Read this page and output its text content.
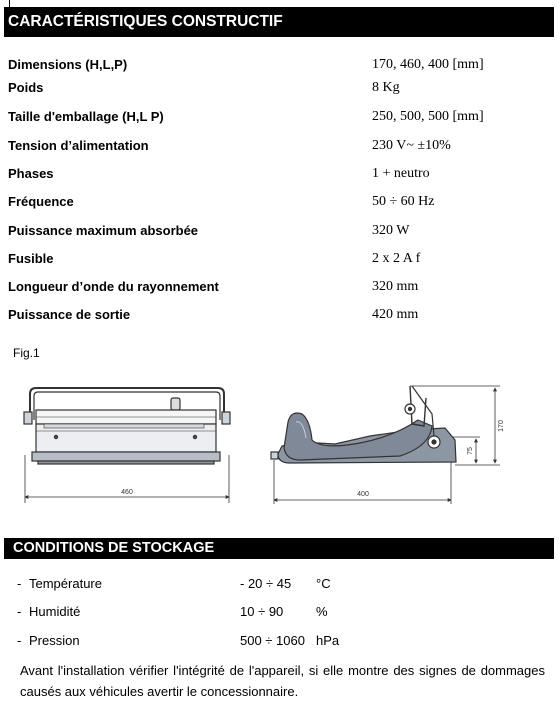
CARACTÉRISTIQUES CONSTRUCTIF
Dimensions (H,L,P)	170, 460, 400 [mm]
Poids	8 Kg
Taille d'emballage (H,L P)	250, 500, 500 [mm]
Tension d’alimentation	230 V~ ±10%
Phases	1 + neutro
Fréquence	50 ÷ 60 Hz
Puissance maximum absorbée	320 W
Fusible	2 x 2 A f
Longueur d’onde du rayonnement	320 mm
Puissance de sortie	420 mm
Fig.1
460	400
170
75
CONDITIONS DE STOCKAGE
- Température	- 20 ÷ 45 °C
- Humidité	10 ÷ 90	%
- Pression	500 ÷ 1060 hPa
Avant l'installation vérifier l'intégrité de l'appareil, si elle montre des signes de dommages causés aux véhicules avertir le concessionnaire.
